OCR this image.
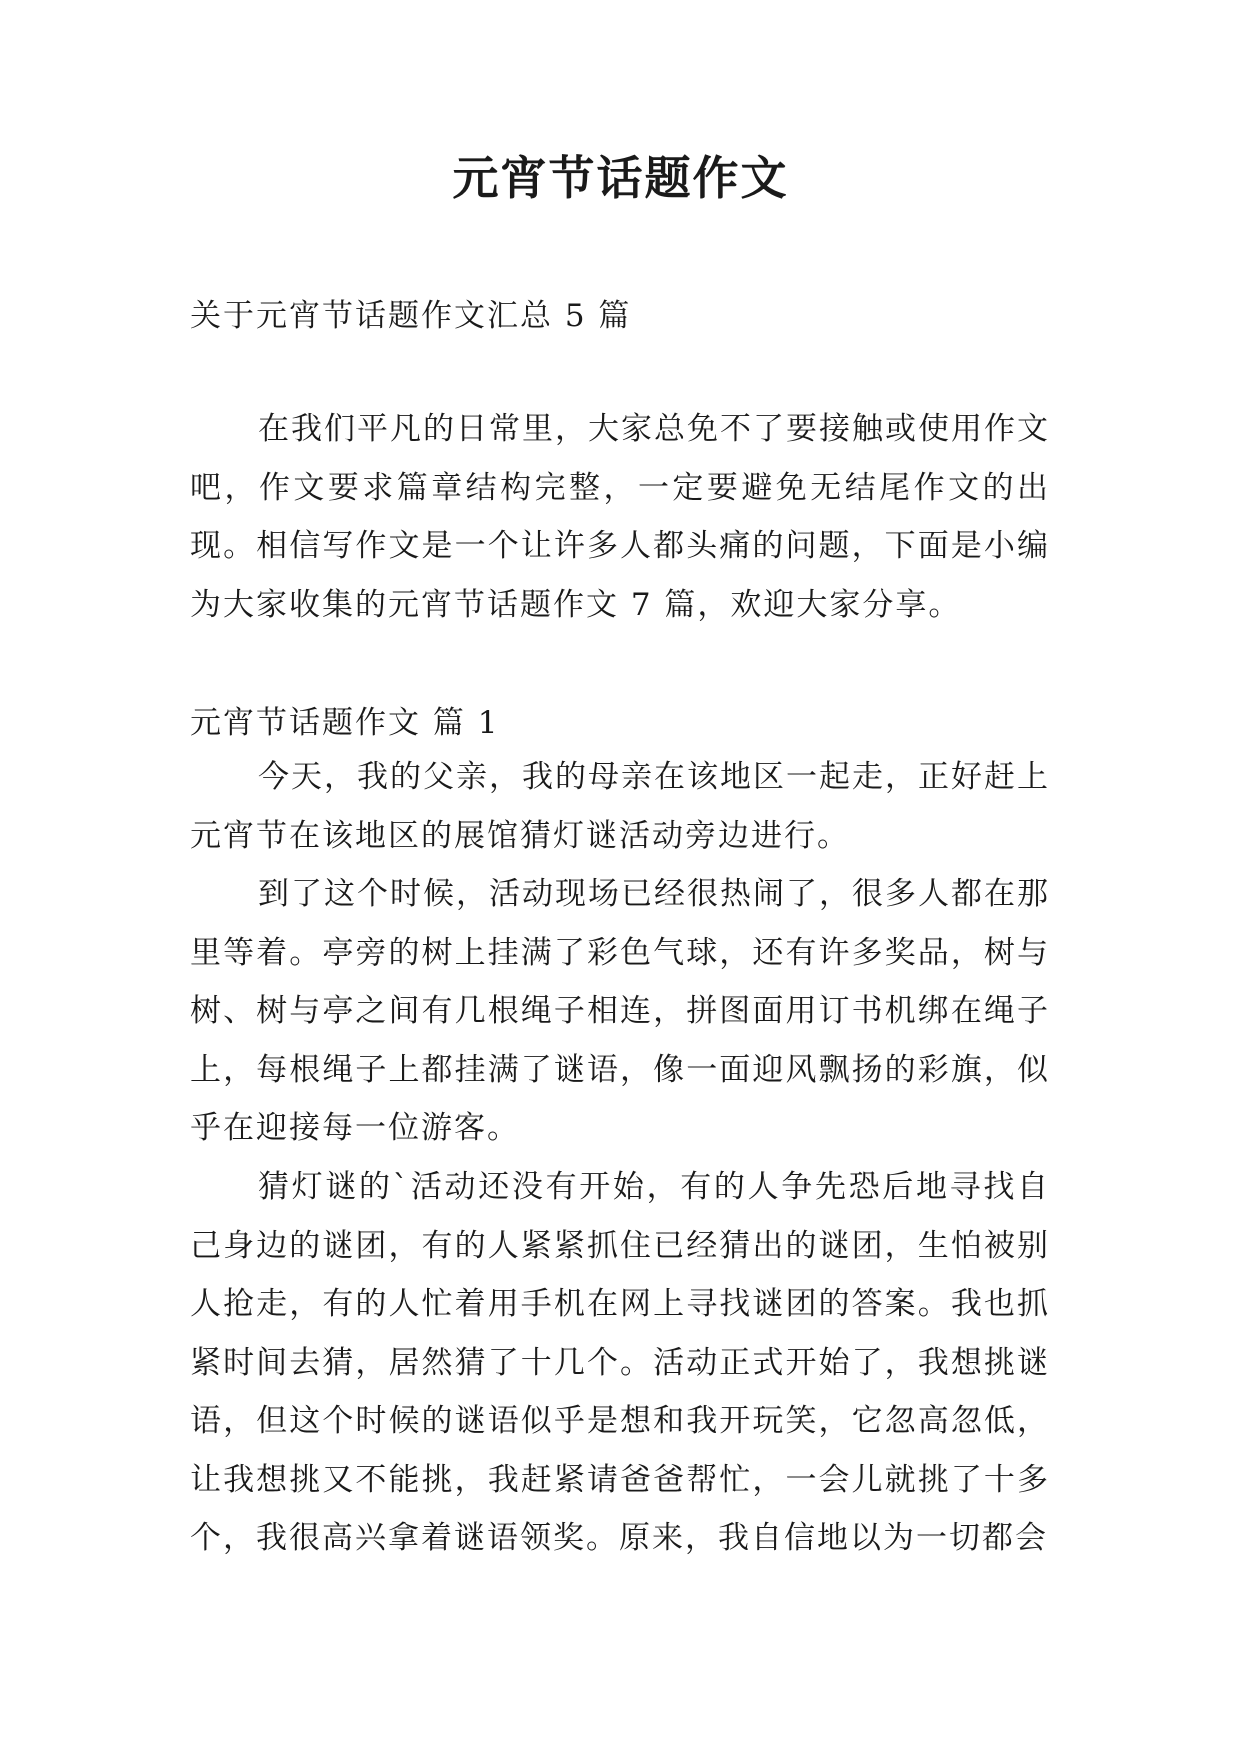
元宵节话题作文
关于元宵节话题作文汇总 5 篇

在我们平凡的日常里，大家总免不了要接触或使用作文吧，作文要求篇章结构完整，一定要避免无结尾作文的出现。相信写作文是一个让许多人都头痛的问题，下面是小编为大家收集的元宵节话题作文 7 篇，欢迎大家分享。

元宵节话题作文 篇 1

今天，我的父亲，我的母亲在该地区一起走，正好赶上元宵节在该地区的展馆猜灯谜活动旁边进行。

到了这个时候，活动现场已经很热闹了，很多人都在那里等着。亭旁的树上挂满了彩色气球，还有许多奖品，树与树、树与亭之间有几根绳子相连，拼图面用订书机绑在绳子上，每根绳子上都挂满了谜语，像一面迎风飘扬的彩旗，似乎在迎接每一位游客。

猜灯谜的`活动还没有开始，有的人争先恐后地寻找自己身边的谜团，有的人紧紧抓住已经猜出的谜团，生怕被别人抢走，有的人忙着用手机在网上寻找谜团的答案。我也抓紧时间去猜，居然猜了十几个。活动正式开始了，我想挑谜语，但这个时候的谜语似乎是想和我开玩笑，它忽高忽低，让我想挑又不能挑，我赶紧请爸爸帮忙，一会儿就挑了十多个，我很高兴拿着谜语领奖。原来，我自信地以为一切都会
